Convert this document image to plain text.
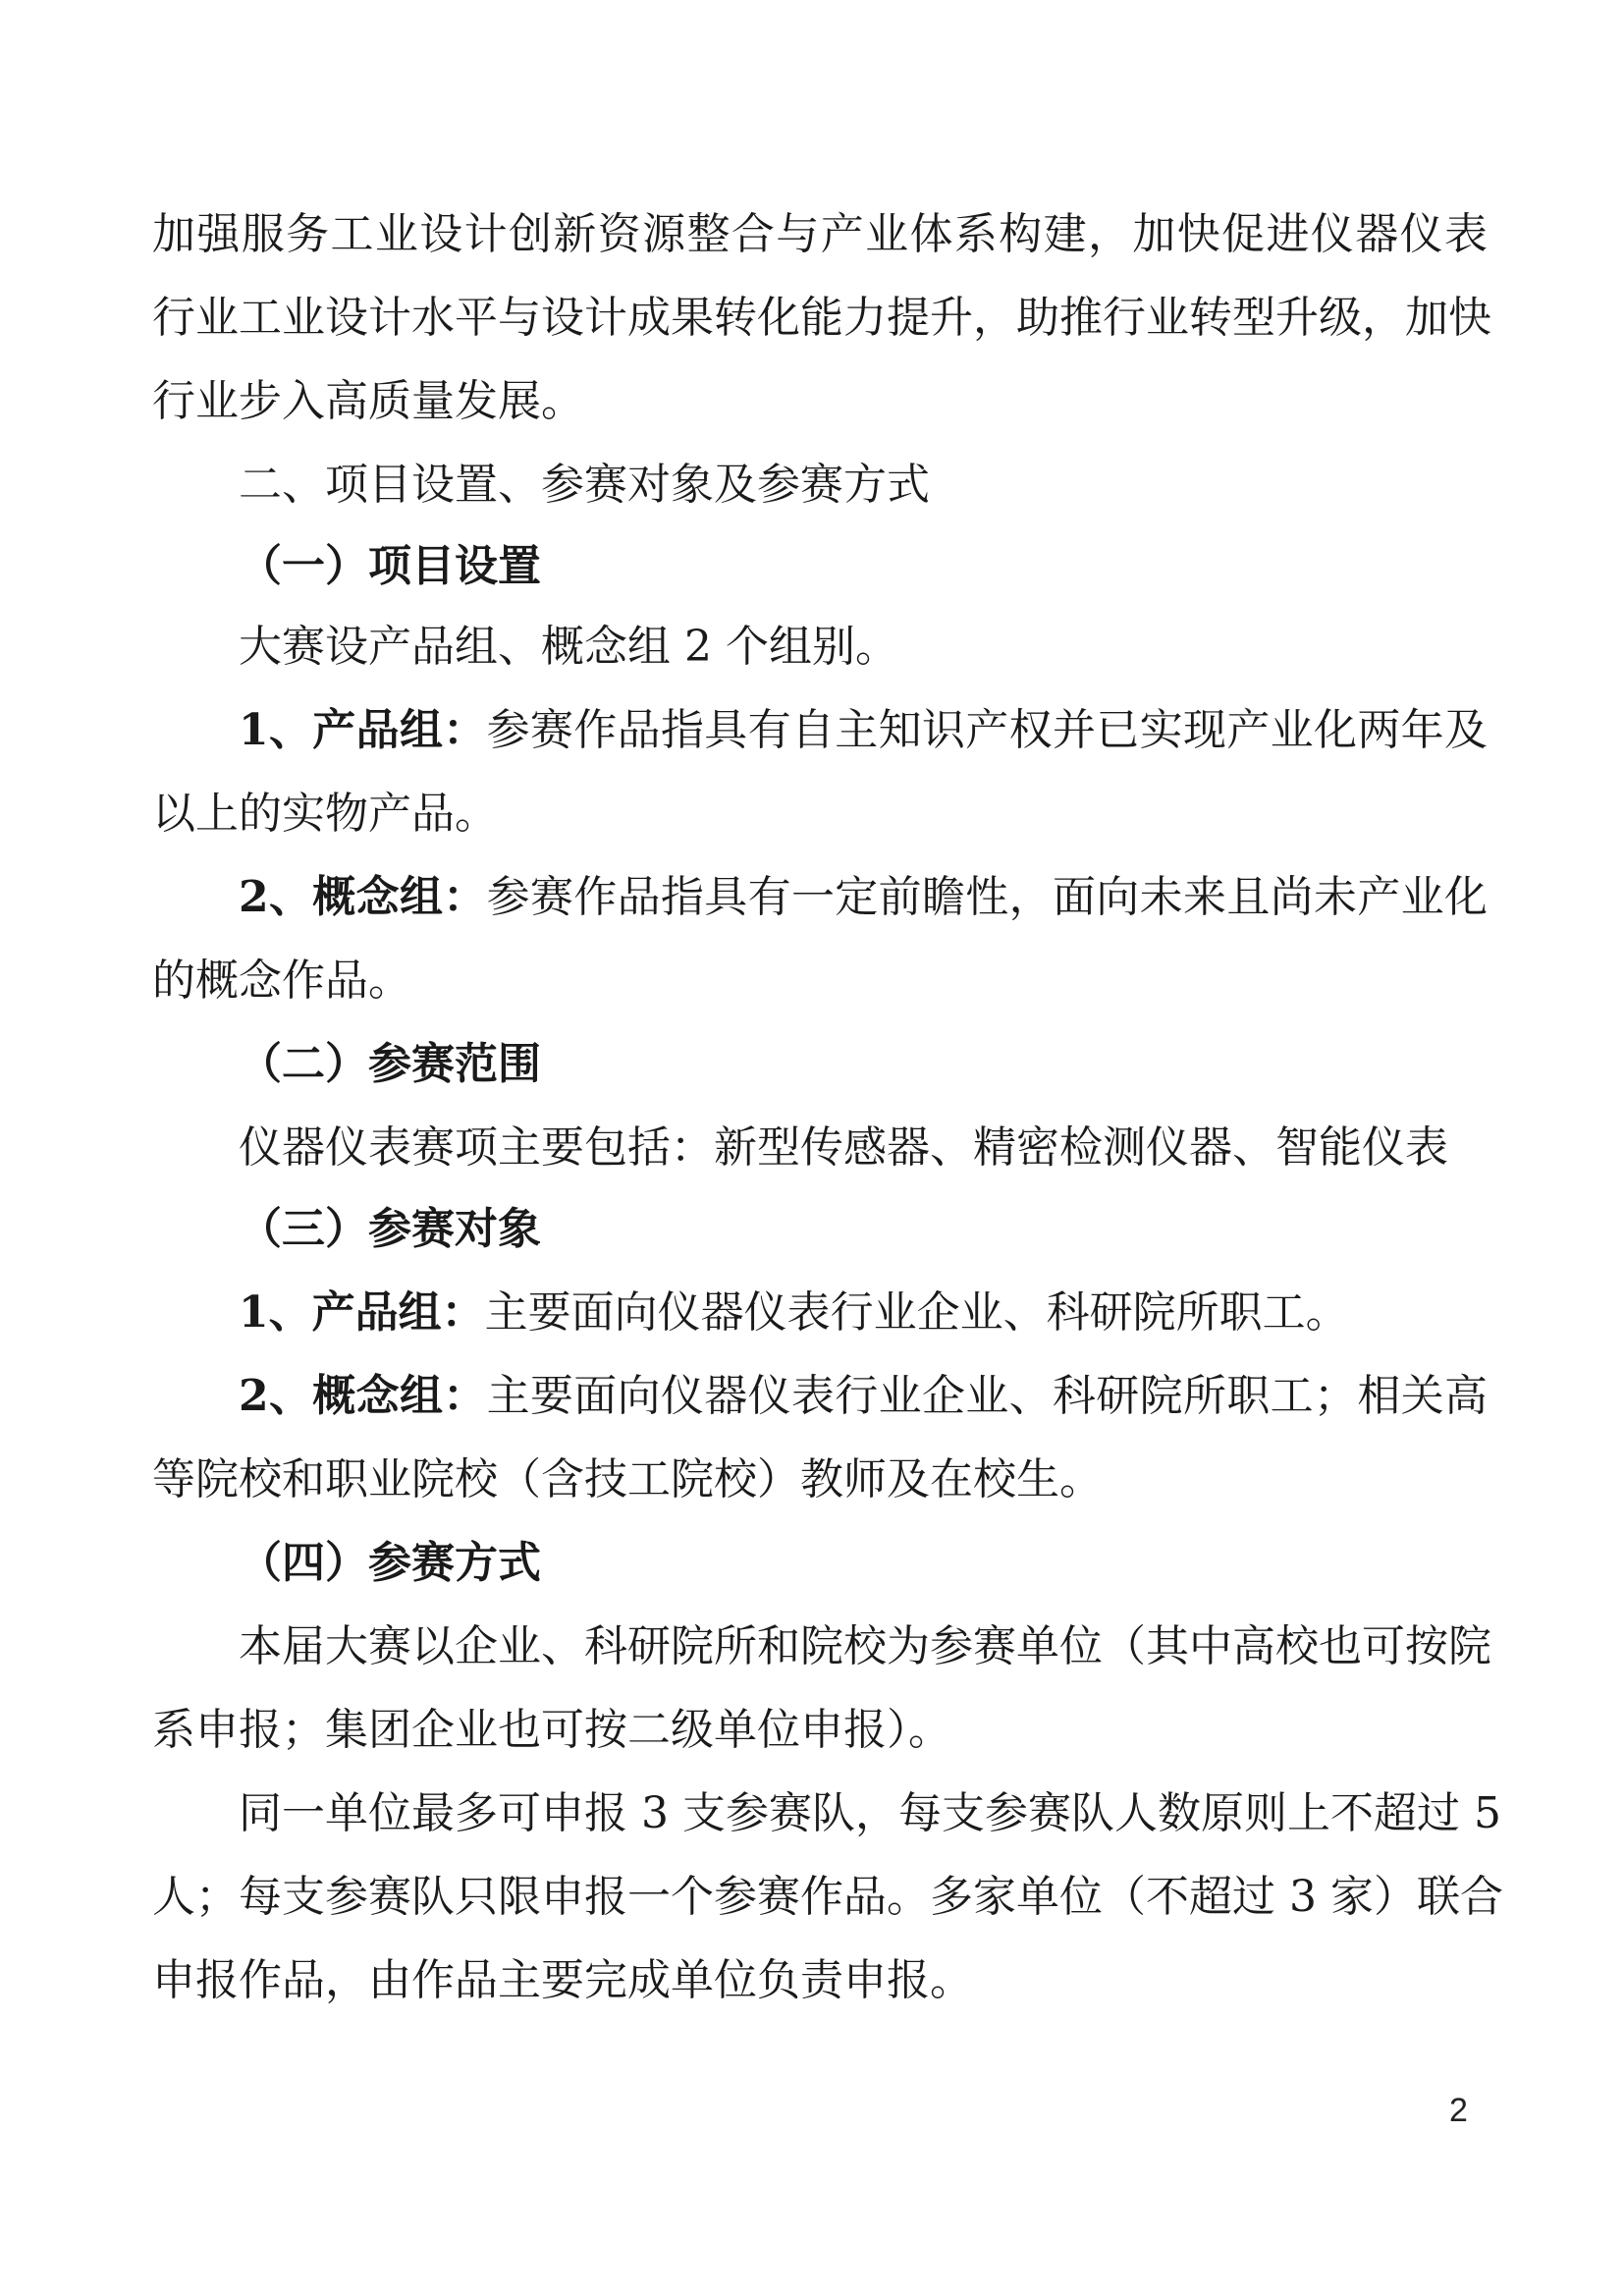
加强服务工业设计创新资源整合与产业体系构建，加快促进仪器仪表
行业工业设计水平与设计成果转化能力提升，助推行业转型升级，加快
行业步入高质量发展。
二、项目设置、参赛对象及参赛方式
（一）项目设置
大赛设产品组、概念组 2 个组别。
1、产品组：参赛作品指具有自主知识产权并已实现产业化两年及
以上的实物产品。
2、概念组：参赛作品指具有一定前瞻性，面向未来且尚未产业化
的概念作品。
（二）参赛范围
仪器仪表赛项主要包括：新型传感器、精密检测仪器、智能仪表
（三）参赛对象
1、产品组：主要面向仪器仪表行业企业、科研院所职工。
2、概念组：主要面向仪器仪表行业企业、科研院所职工；相关高
等院校和职业院校（含技工院校）教师及在校生。
（四）参赛方式
本届大赛以企业、科研院所和院校为参赛单位（其中高校也可按院
系申报；集团企业也可按二级单位申报）。
同一单位最多可申报 3 支参赛队，每支参赛队人数原则上不超过 5
人；每支参赛队只限申报一个参赛作品。多家单位（不超过 3 家）联合
申报作品，由作品主要完成单位负责申报。
2
